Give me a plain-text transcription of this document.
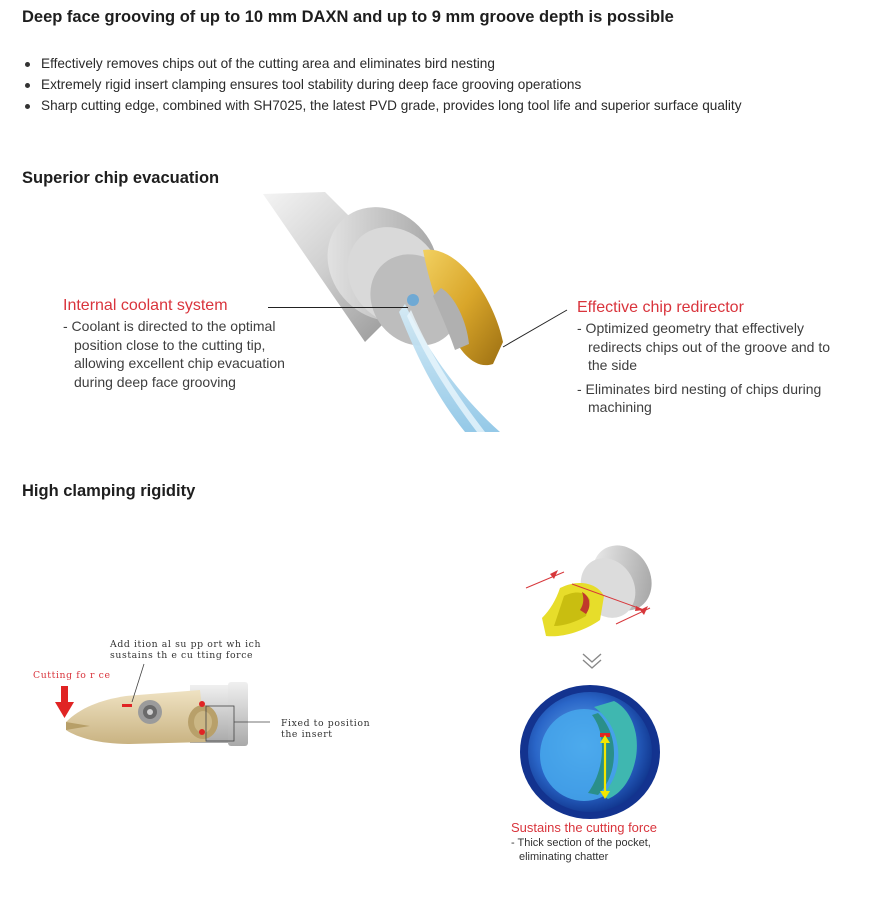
Deep face grooving of up to 10 mm DAXN and up to 9 mm groove depth is possible
Effectively removes chips out of the cutting area and eliminates bird nesting
Extremely rigid insert clamping ensures tool stability during deep face grooving operations
Sharp cutting edge, combined with SH7025, the latest PVD grade, provides long tool life and superior surface quality
Superior chip evacuation
Internal coolant system

- Coolant is directed to the optimal

position close to the cutting tip,

allowing excellent chip evacuation

during deep face grooving

Effective chip redirector

- Optimized geometry that effectively

redirects chips out of the groove and to

the side

- Eliminates bird nesting of chips during

machining

High clamping rigidity
Add ition al su pp ort wh ich
sustains th e cu tting force
Cutting fo r ce
Fixed to position
the insert
Sustains the cutting force
- Thick section of the pocket,
eliminating chatter
